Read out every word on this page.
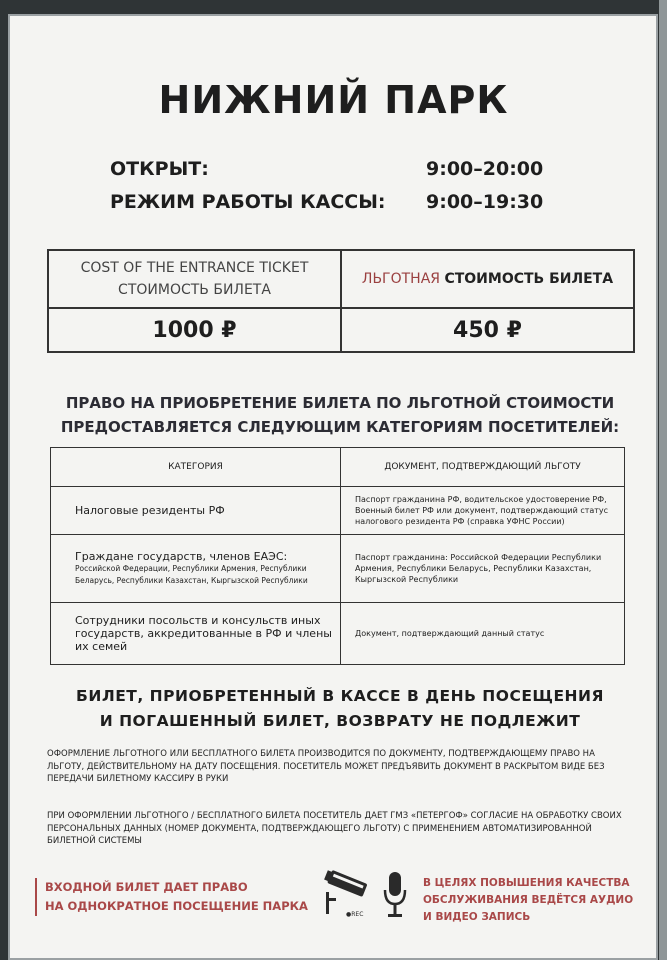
НИЖНИЙ ПАРК
ОТКРЫТ:	9:00–20:00
РЕЖИМ РАБОТЫ КАССЫ: 9:00–19:30
COST OF THE ENTRANCE TICKET
СТОИМОСТЬ БИЛЕТА	ЛЬГОТНАЯ СТОИМОСТЬ БИЛЕТА
1000 ₽	450 ₽
ПРАВО НА ПРИОБРЕТЕНИЕ БИЛЕТА ПО ЛЬГОТНОЙ СТОИМОСТИ
ПРЕДОСТАВЛЯЕТСЯ СЛЕДУЮЩИМ КАТЕГОРИЯМ ПОСЕТИТЕЛЕЙ:
КАТЕГОРИЯ	ДОКУМЕНТ, ПОДТВЕРЖДАЮЩИЙ ЛЬГОТУ

Налоговые резиденты РФ	Паспорт гражданина РФ, водительское удостоверение РФ, Военный билет РФ или документ, подтверждающий статус налогового резидента РФ (справка УФНС России)

Граждане государств, членов ЕАЭС:
Российской Федерации, Республики Армения, Республики Беларусь, Республики Казахстан, Кыргызской Республики	Паспорт гражданина: Российской Федерации Республики Армения, Республики Беларусь, Республики Казахстан, Кыргызской Республики

Сотрудники посольств и консульств иных государств, аккредитованные в РФ и члены их семей	Документ, подтверждающий данный статус
БИЛЕТ, ПРИОБРЕТЕННЫЙ В КАССЕ В ДЕНЬ ПОСЕЩЕНИЯ
И ПОГАШЕННЫЙ БИЛЕТ, ВОЗВРАТУ НЕ ПОДЛЕЖИТ
ОФОРМЛЕНИЕ ЛЬГОТНОГО ИЛИ БЕСПЛАТНОГО БИЛЕТА ПРОИЗВОДИТСЯ ПО ДОКУМЕНТУ, ПОДТВЕРЖДАЮЩЕМУ ПРАВО НА ЛЬГОТУ, ДЕЙСТВИТЕЛЬНОМУ НА ДАТУ ПОСЕЩЕНИЯ. ПОСЕТИТЕЛЬ МОЖЕТ ПРЕДЪЯВИТЬ ДОКУМЕНТ В РАСКРЫТОМ ВИДЕ БЕЗ ПЕРЕДАЧИ БИЛЕТНОМУ КАССИРУ В РУКИ
ПРИ ОФОРМЛЕНИИ ЛЬГОТНОГО / БЕСПЛАТНОГО БИЛЕТА ПОСЕТИТЕЛЬ ДАЕТ ГМЗ «ПЕТЕРГОФ» СОГЛАСИЕ НА ОБРАБОТКУ СВОИХ ПЕРСОНАЛЬНЫХ ДАННЫХ (НОМЕР ДОКУМЕНТА, ПОДТВЕРЖДАЮЩЕГО ЛЬГОТУ) С ПРИМЕНЕНИЕМ АВТОМАТИЗИРОВАННОЙ БИЛЕТНОЙ СИСТЕМЫ
ВХОДНОЙ БИЛЕТ ДАЕТ ПРАВО
НА ОДНОКРАТНОЕ ПОСЕЩЕНИЕ ПАРКА
●REC
В ЦЕЛЯХ ПОВЫШЕНИЯ КАЧЕСТВА
ОБСЛУЖИВАНИЯ ВЕДЁТСЯ АУДИО
И ВИДЕО ЗАПИСЬ
